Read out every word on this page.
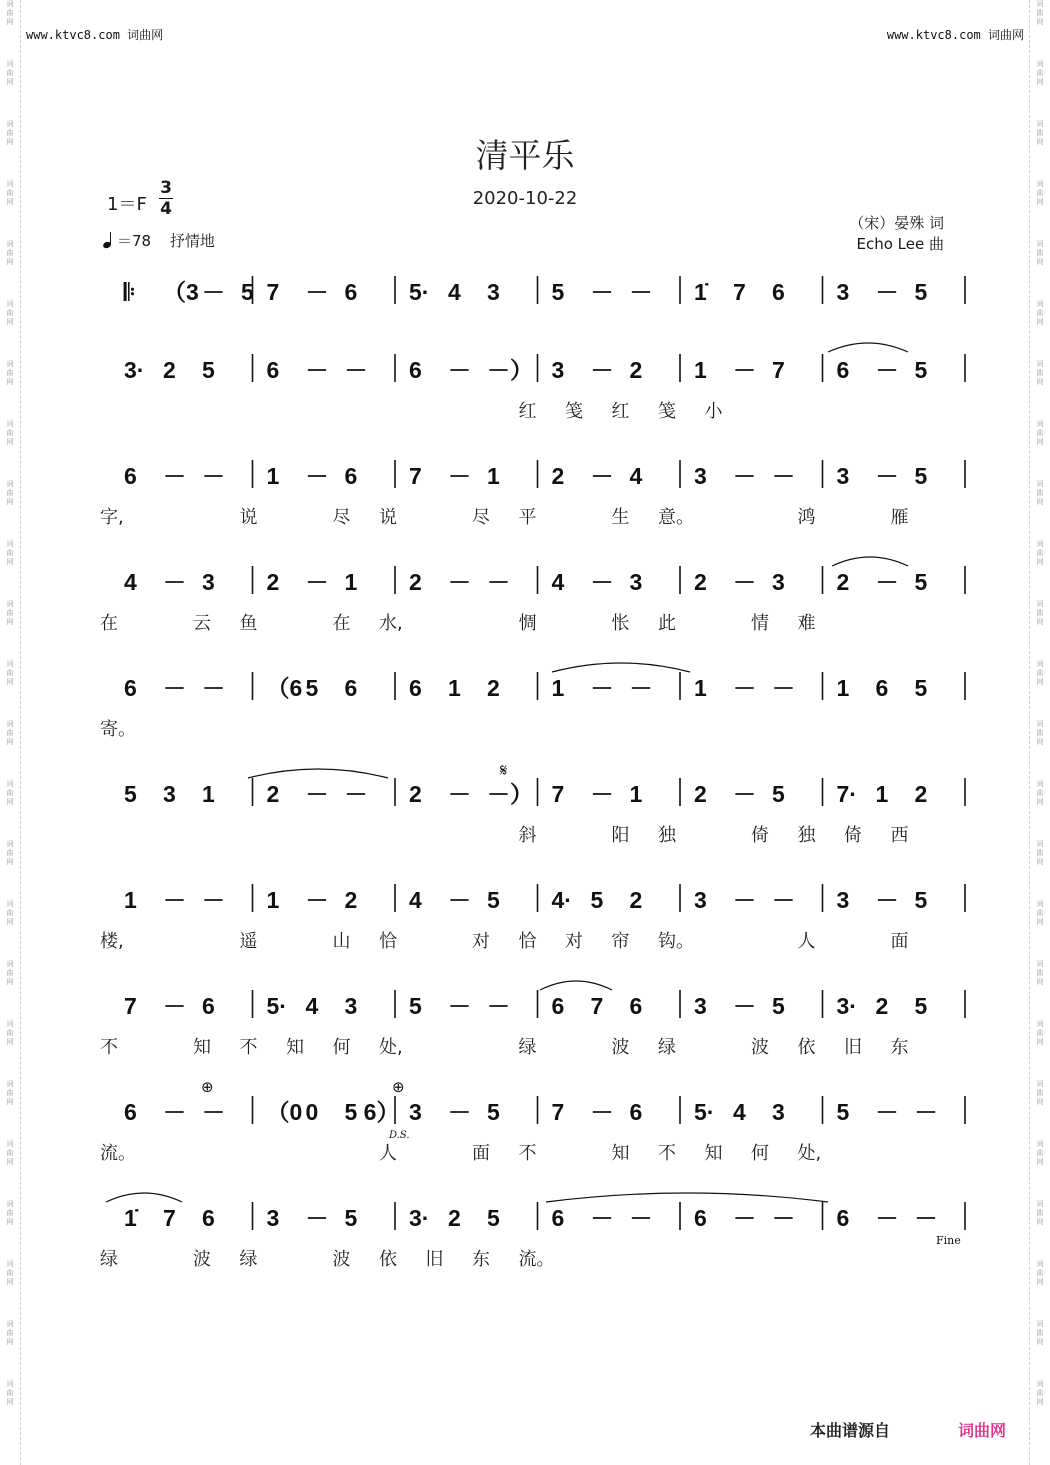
词
曲
网
词
曲
网
词
曲
网
词
曲
网
词
曲
网
词
曲
网
词
曲
网
词
曲
网
词
曲
网
词
曲
网
词
曲
网
词
曲
网
词
曲
网
词
曲
网
词
曲
网
词
曲
网
词
曲
网
词
曲
网
词
曲
网
词
曲
网
词
曲
网
词
曲
网
词
曲
网
词
曲
网
词
曲
网
词
曲
网
词
曲
网
词
曲
网
词
曲
网
词
曲
网
词
曲
网
词
曲
网
词
曲
网
词
曲
网
词
曲
网
词
曲
网
词
曲
网
词
曲
网
词
曲
网
词
曲
网
词
曲
网
词
曲
网
词
曲
网
词
曲
网
词
曲
网
词
曲
网
词
曲
网
词
曲
网
www.ktvc8.com 词曲网	www.ktvc8.com 词曲网
清平乐
2020-10-22
1＝F
3
4
＝78 抒情地
（宋）晏殊 词
Echo Lee 曲
𝄆 （3 － 5 7 － 6 5· 4 3 5 － － 1̇ 7 6 3 － 5
3· 2 5 6 － － 6 － －） 3 － 2 1 － 7 6 － 5
红 笺 红 笺 小
6 － － 1 － 6 7 － 1 2 － 4 3 － － 3 － 5
字,	说	尽 说	尽 平	生 意。	鸿	雁
4 － 3 2 － 1 2 － － 4 － 3 2 － 3 2 － 5
在	云 鱼	在 水,	惆	怅 此	情 难
6 － － （6 5 6 6 1 2 1 － － 1 － － 1 6 5
寄。
5 3 1 2 － － 2 － －） 7 － 1 2 － 5 7· 1 2
斜	阳 独	倚 独 倚 西
1 － － 1 － 2 4 － 5 4· 5 2 3 － － 3 － 5
楼,	遥	山 恰	对 恰 对 帘 钩。	人	面
7 － 6 5· 4 3 5 － － 6 7 6 3 － 5 3· 2 5
不	知 不 知 何 处,	绿	波 绿	波 依 旧 东
6 － － （0 0 5 6） 3 － 5 7 － 6 5· 4 3 5 － －
流。	人	面 不	知 不 知 何 处,
1̇ 7 6 3 － 5 3· 2 5 6 － － 6 － － 6 － －
绿	波 绿	波 依 旧 东 流。
𝄋
⊕	⊕
D.S.
Fine
本曲谱源自	词曲网
